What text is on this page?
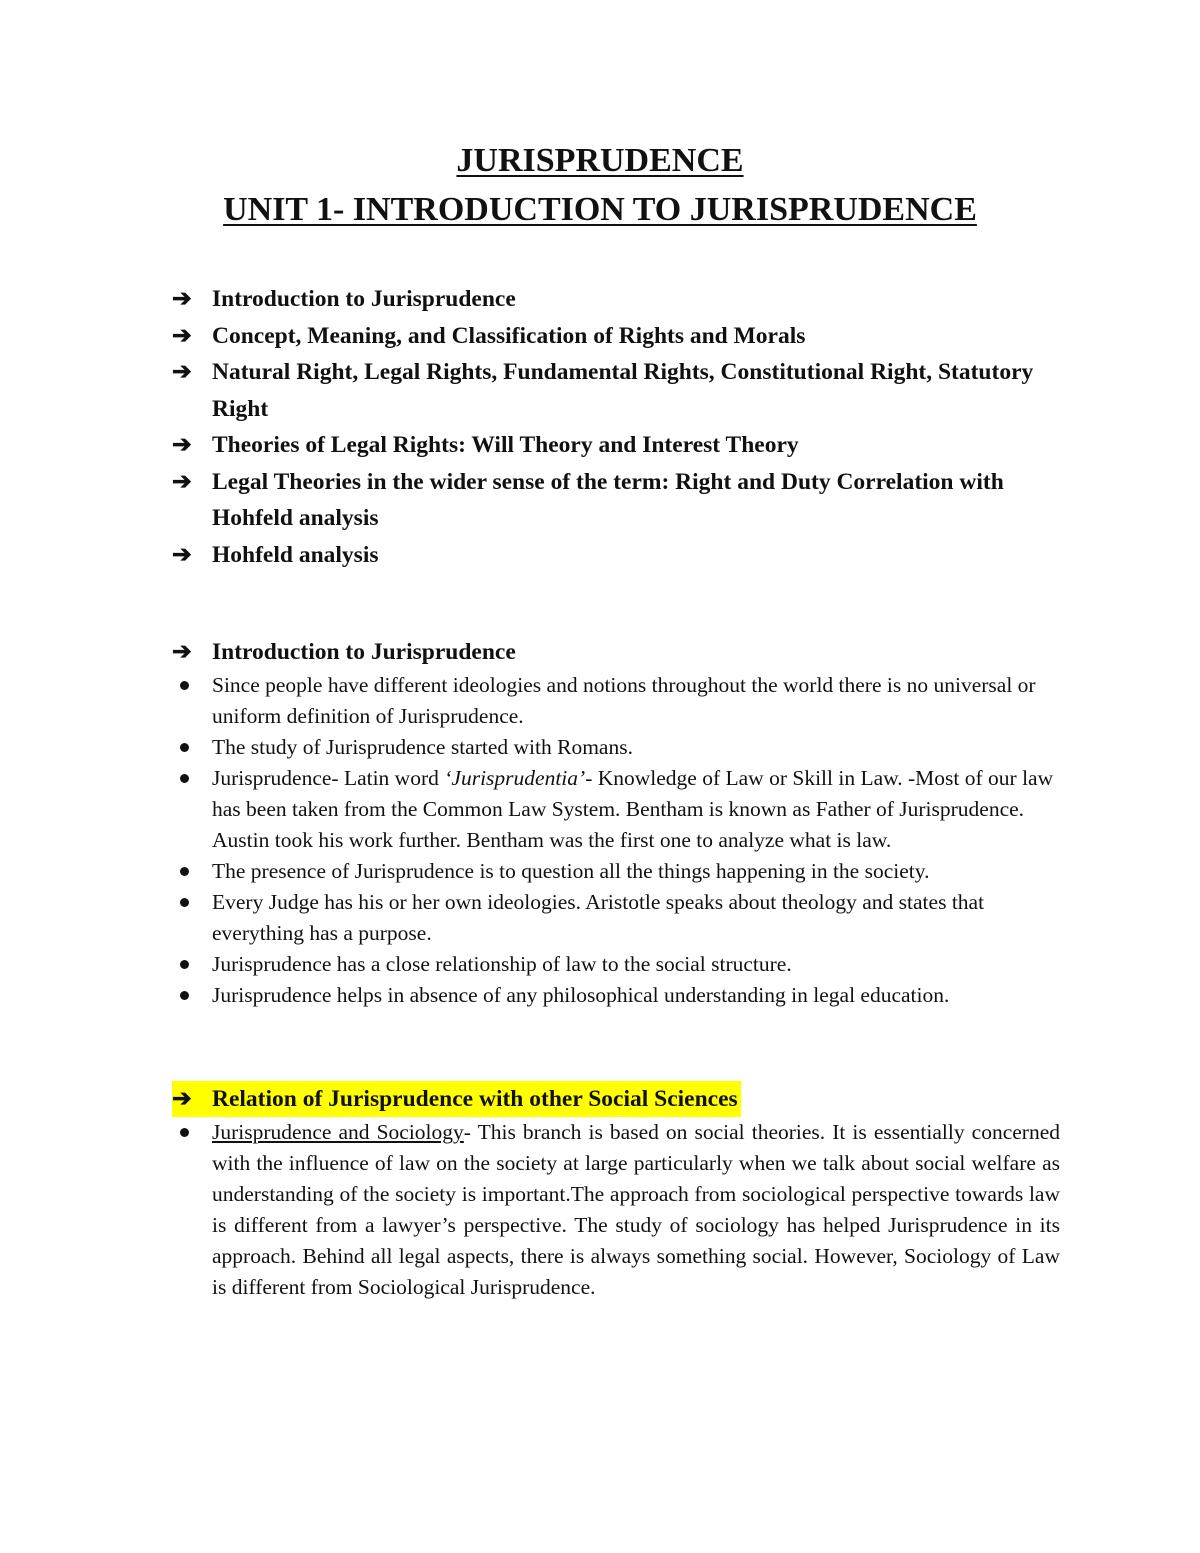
JURISPRUDENCE
UNIT 1- INTRODUCTION TO JURISPRUDENCE
➔ Introduction to Jurisprudence
➔ Concept, Meaning, and Classification of Rights and Morals
➔ Natural Right, Legal Rights, Fundamental Rights, Constitutional Right, Statutory Right
➔ Theories of Legal Rights: Will Theory and Interest Theory
➔ Legal Theories in the wider sense of the term: Right and Duty Correlation with Hohfeld analysis
➔ Hohfeld analysis
➔ Introduction to Jurisprudence
Since people have different ideologies and notions throughout the world there is no universal or uniform definition of Jurisprudence.
The study of Jurisprudence started with Romans.
Jurisprudence- Latin word ‘Jurisprudentia’- Knowledge of Law or Skill in Law. -Most of our law has been taken from the Common Law System. Bentham is known as Father of Jurisprudence. Austin took his work further. Bentham was the first one to analyze what is law.
The presence of Jurisprudence is to question all the things happening in the society.
Every Judge has his or her own ideologies. Aristotle speaks about theology and states that everything has a purpose.
Jurisprudence has a close relationship of law to the social structure.
Jurisprudence helps in absence of any philosophical understanding in legal education.
➔ Relation of Jurisprudence with other Social Sciences
Jurisprudence and Sociology- This branch is based on social theories. It is essentially concerned with the influence of law on the society at large particularly when we talk about social welfare as understanding of the society is important.The approach from sociological perspective towards law is different from a lawyer’s perspective. The study of sociology has helped Jurisprudence in its approach. Behind all legal aspects, there is always something social. However, Sociology of Law is different from Sociological Jurisprudence.
